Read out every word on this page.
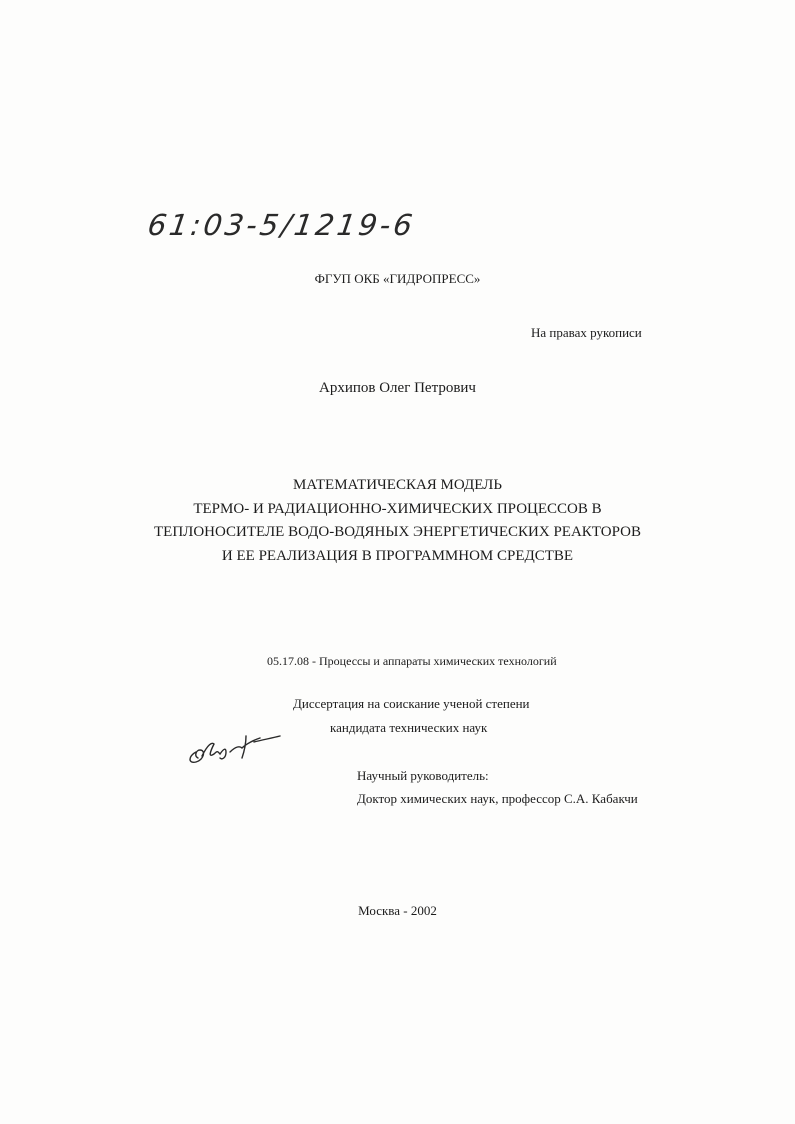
61:03-5/1219-6
ФГУП ОКБ «ГИДРОПРЕСС»
На правах рукописи
Архипов Олег Петрович
МАТЕМАТИЧЕСКАЯ МОДЕЛЬ
ТЕРМО- И РАДИАЦИОННО-ХИМИЧЕСКИХ ПРОЦЕССОВ В
ТЕПЛОНОСИТЕЛЕ ВОДО-ВОДЯНЫХ ЭНЕРГЕТИЧЕСКИХ РЕАКТОРОВ
И ЕЕ РЕАЛИЗАЦИЯ В ПРОГРАММНОМ СРЕДСТВЕ
05.17.08 - Процессы и аппараты химических технологий
Диссертация на соискание ученой степени
кандидата технических наук
Научный руководитель:
Доктор химических наук, профессор С.А. Кабакчи
Москва - 2002
